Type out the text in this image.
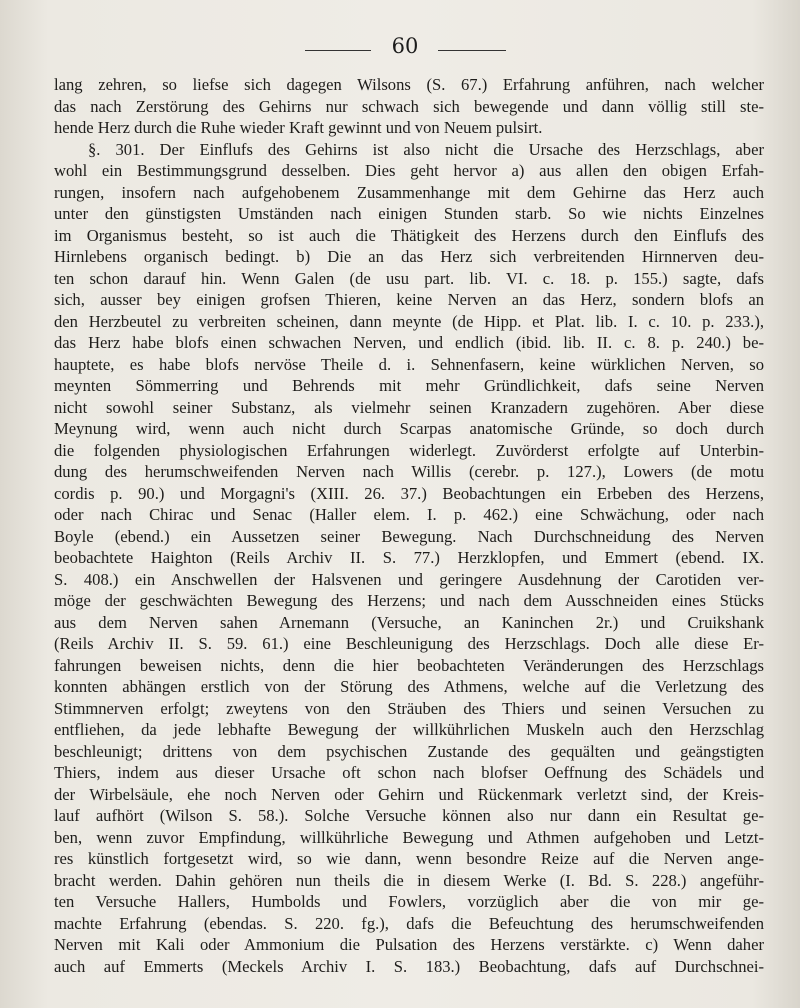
60
lang zehren, so liefse sich dagegen Wilsons (S. 67.) Erfahrung anführen, nach welcher
das nach Zerstörung des Gehirns nur schwach sich bewegende und dann völlig still ste-
hende Herz durch die Ruhe wieder Kraft gewinnt und von Neuem pulsirt.
§. 301. Der Einflufs des Gehirns ist also nicht die Ursache des Herzschlags, aber
wohl ein Bestimmungsgrund desselben. Dies geht hervor a) aus allen den obigen Erfah-
rungen, insofern nach aufgehobenem Zusammenhange mit dem Gehirne das Herz auch
unter den günstigsten Umständen nach einigen Stunden starb. So wie nichts Einzelnes
im Organismus besteht, so ist auch die Thätigkeit des Herzens durch den Einflufs des
Hirnlebens organisch bedingt. b) Die an das Herz sich verbreitenden Hirnnerven deu-
ten schon darauf hin. Wenn Galen (de usu part. lib. VI. c. 18. p. 155.) sagte, dafs
sich, ausser bey einigen grofsen Thieren, keine Nerven an das Herz, sondern blofs an
den Herzbeutel zu verbreiten scheinen, dann meynte (de Hipp. et Plat. lib. I. c. 10. p. 233.),
das Herz habe blofs einen schwachen Nerven, und endlich (ibid. lib. II. c. 8. p. 240.) be-
hauptete, es habe blofs nervöse Theile d. i. Sehnenfasern, keine würklichen Nerven, so
meynten Sömmerring und Behrends mit mehr Gründlichkeit, dafs seine Nerven
nicht sowohl seiner Substanz, als vielmehr seinen Kranzadern zugehören. Aber diese
Meynung wird, wenn auch nicht durch Scarpas anatomische Gründe, so doch durch
die folgenden physiologischen Erfahrungen widerlegt. Zuvörderst erfolgte auf Unterbin-
dung des herumschweifenden Nerven nach Willis (cerebr. p. 127.), Lowers (de motu
cordis p. 90.) und Morgagni's (XIII. 26. 37.) Beobachtungen ein Erbeben des Herzens,
oder nach Chirac und Senac (Haller elem. I. p. 462.) eine Schwächung, oder nach
Boyle (ebend.) ein Aussetzen seiner Bewegung. Nach Durchschneidung des Nerven
beobachtete Haighton (Reils Archiv II. S. 77.) Herzklopfen, und Emmert (ebend. IX.
S. 408.) ein Anschwellen der Halsvenen und geringere Ausdehnung der Carotiden ver-
möge der geschwächten Bewegung des Herzens; und nach dem Ausschneiden eines Stücks
aus dem Nerven sahen Arnemann (Versuche, an Kaninchen 2r.) und Cruikshank
(Reils Archiv II. S. 59. 61.) eine Beschleunigung des Herzschlags. Doch alle diese Er-
fahrungen beweisen nichts, denn die hier beobachteten Veränderungen des Herzschlags
konnten abhängen erstlich von der Störung des Athmens, welche auf die Verletzung des
Stimmnerven erfolgt; zweytens von den Sträuben des Thiers und seinen Versuchen zu
entfliehen, da jede lebhafte Bewegung der willkührlichen Muskeln auch den Herzschlag
beschleunigt; drittens von dem psychischen Zustande des gequälten und geängstigten
Thiers, indem aus dieser Ursache oft schon nach blofser Oeffnung des Schädels und
der Wirbelsäule, ehe noch Nerven oder Gehirn und Rückenmark verletzt sind, der Kreis-
lauf aufhört (Wilson S. 58.). Solche Versuche können also nur dann ein Resultat ge-
ben, wenn zuvor Empfindung, willkührliche Bewegung und Athmen aufgehoben und Letzt-
res künstlich fortgesetzt wird, so wie dann, wenn besondre Reize auf die Nerven ange-
bracht werden. Dahin gehören nun theils die in diesem Werke (I. Bd. S. 228.) angeführ-
ten Versuche Hallers, Humbolds und Fowlers, vorzüglich aber die von mir ge-
machte Erfahrung (ebendas. S. 220. fg.), dafs die Befeuchtung des herumschweifenden
Nerven mit Kali oder Ammonium die Pulsation des Herzens verstärkte. c) Wenn daher
auch auf Emmerts (Meckels Archiv I. S. 183.) Beobachtung, dafs auf Durchschnei-
